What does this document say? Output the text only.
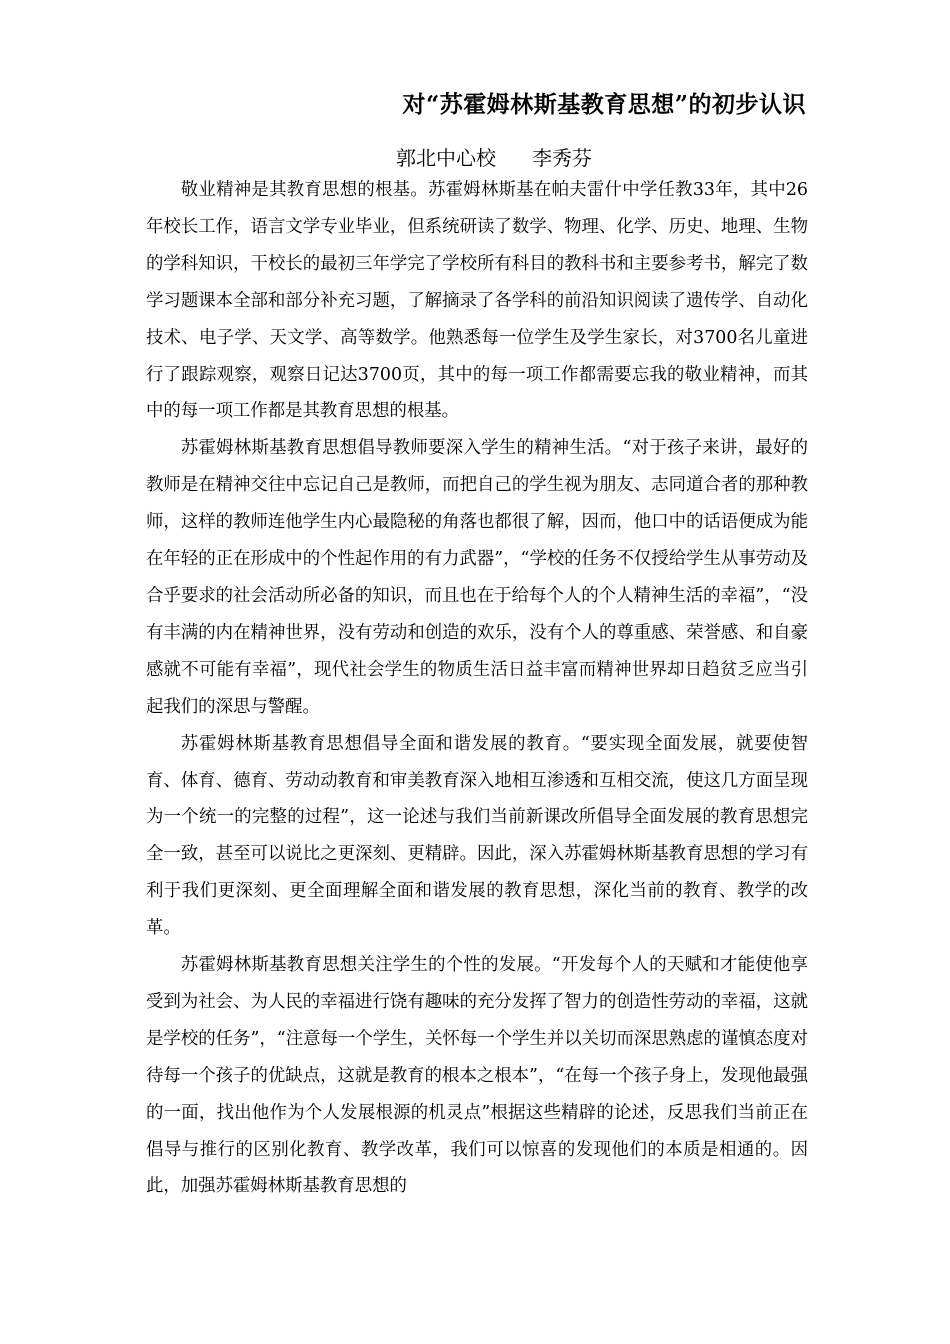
对“苏霍姆林斯基教育思想”的初步认识
郭北中心校 李秀芬

敬业精神是其教育思想的根基。苏霍姆林斯基在帕夫雷什中学任教33年，其中26年校长工作，语言文学专业毕业，但系统研读了数学、物理、化学、历史、地理、生物的学科知识，干校长的最初三年学完了学校所有科目的教科书和主要参考书，解完了数学习题课本全部和部分补充习题，了解摘录了各学科的前沿知识阅读了遗传学、自动化技术、电子学、天文学、高等数学。他熟悉每一位学生及学生家长，对3700名儿童进行了跟踪观察，观察日记达3700页，其中的每一项工作都需要忘我的敬业精神，而其中的每一项工作都是其教育思想的根基。

苏霍姆林斯基教育思想倡导教师要深入学生的精神生活。“对于孩子来讲，最好的教师是在精神交往中忘记自己是教师，而把自己的学生视为朋友、志同道合者的那种教师，这样的教师连他学生内心最隐秘的角落也都很了解，因而，他口中的话语便成为能在年轻的正在形成中的个性起作用的有力武器”，“学校的任务不仅授给学生从事劳动及合乎要求的社会活动所必备的知识，而且也在于给每个人的个人精神生活的幸福”，“没有丰满的内在精神世界，没有劳动和创造的欢乐，没有个人的尊重感、荣誉感、和自豪感就不可能有幸福”，现代社会学生的物质生活日益丰富而精神世界却日趋贫乏应当引起我们的深思与警醒。

苏霍姆林斯基教育思想倡导全面和谐发展的教育。“要实现全面发展，就要使智育、体育、德育、劳动动教育和审美教育深入地相互渗透和互相交流，使这几方面呈现为一个统一的完整的过程”，这一论述与我们当前新课改所倡导全面发展的教育思想完全一致，甚至可以说比之更深刻、更精辟。因此，深入苏霍姆林斯基教育思想的学习有利于我们更深刻、更全面理解全面和谐发展的教育思想，深化当前的教育、教学的改革。

苏霍姆林斯基教育思想关注学生的个性的发展。“开发每个人的天赋和才能使他享受到为社会、为人民的幸福进行饶有趣味的充分发挥了智力的创造性劳动的幸福，这就是学校的任务”，“注意每一个学生，关怀每一个学生并以关切而深思熟虑的谨慎态度对待每一个孩子的优缺点，这就是教育的根本之根本”，“在每一个孩子身上，发现他最强的一面，找出他作为个人发展根源的机灵点”根据这些精辟的论述，反思我们当前正在倡导与推行的区别化教育、教学改革，我们可以惊喜的发现他们的本质是相通的。因此，加强苏霍姆林斯基教育思想的
